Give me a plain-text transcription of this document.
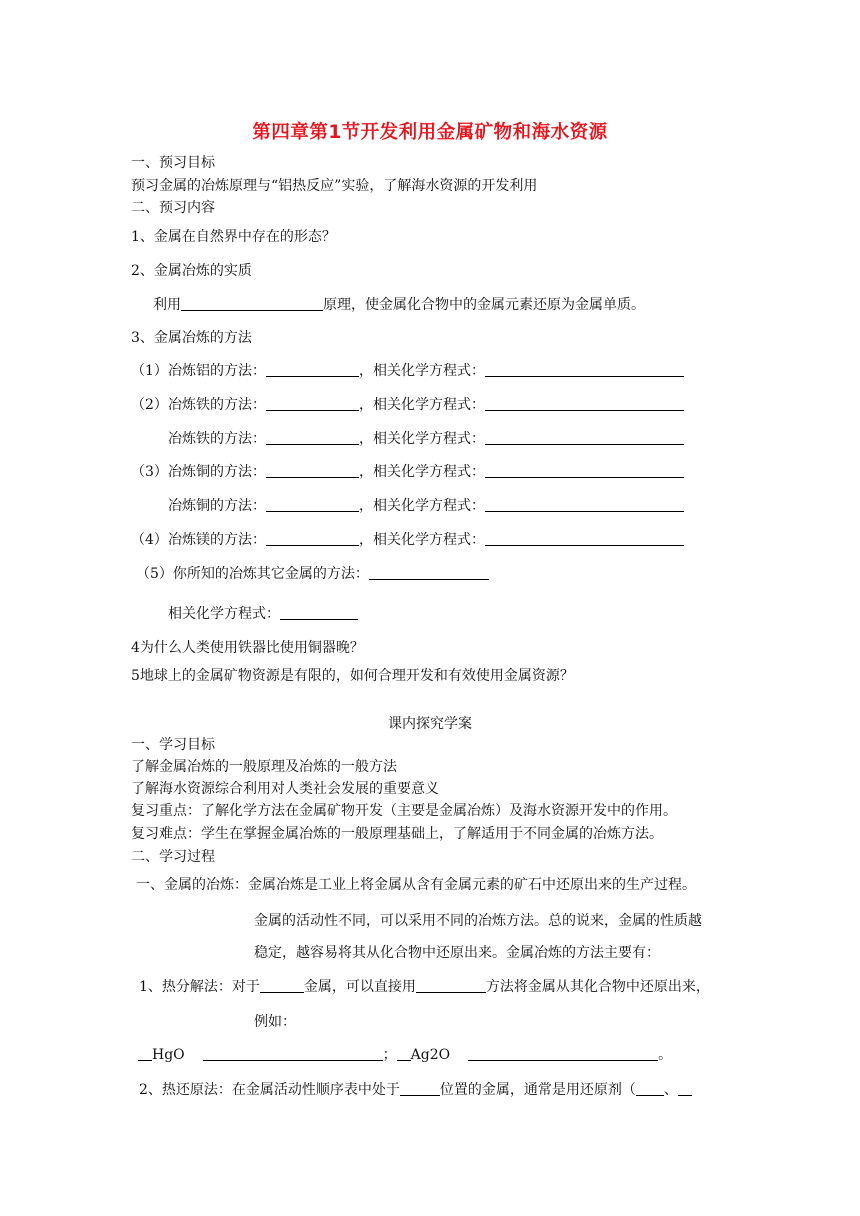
第四章第1节开发利用金属矿物和海水资源
一、预习目标
预习金属的冶炼原理与“铝热反应”实验，了解海水资源的开发利用
二、预习内容
1、金属在自然界中存在的形态？
2、金属冶炼的实质
利用	原理，使金属化合物中的金属元素还原为金属单质。
3、金属冶炼的方法
（1）冶炼铝的方法：	，相关化学方程式：
（2）冶炼铁的方法：	，相关化学方程式：
冶炼铁的方法：	，相关化学方程式：
（3）冶炼铜的方法：	，相关化学方程式：
冶炼铜的方法：	，相关化学方程式：
（4）冶炼镁的方法：	，相关化学方程式：
（5）你所知的冶炼其它金属的方法：
相关化学方程式：
4为什么人类使用铁器比使用铜器晚？
5地球上的金属矿物资源是有限的，如何合理开发和有效使用金属资源？
课内探究学案
一、学习目标
了解金属冶炼的一般原理及冶炼的一般方法
了解海水资源综合利用对人类社会发展的重要意义
复习重点：了解化学方法在金属矿物开发（主要是金属冶炼）及海水资源开发中的作用。
复习难点：学生在掌握金属冶炼的一般原理基础上，了解适用于不同金属的冶炼方法。
二、学习过程
一、金属的冶炼：金属冶炼是工业上将金属从含有金属元素的矿石中还原出来的生产过程。
金属的活动性不同，可以采用不同的冶炼方法。总的说来，金属的性质越
稳定，越容易将其从化合物中还原出来。金属冶炼的方法主要有：
1、热分解法：对于	金属，可以直接用	方法将金属从其化合物中还原出来，
例如：
HgO	； Ag2O	。
2、热还原法：在金属活动性顺序表中处于	位置的金属，通常是用还原剂（ 、
